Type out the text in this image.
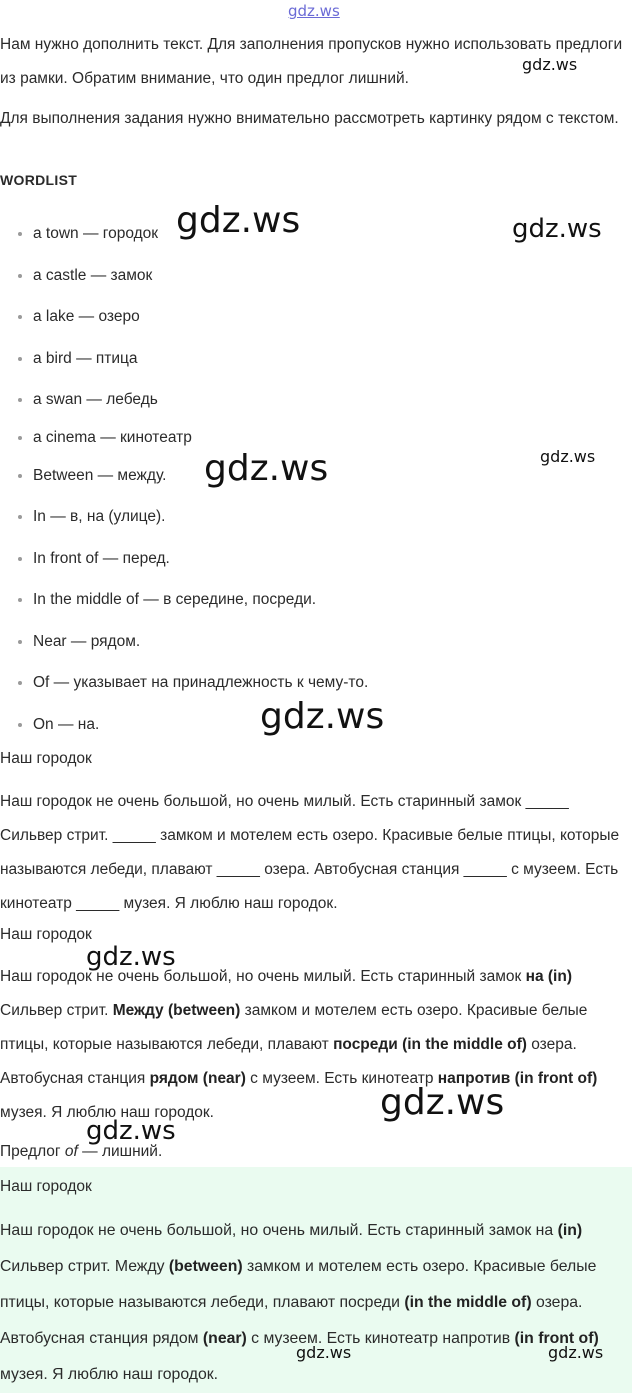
gdz.ws

Нам нужно дополнить текст. Для заполнения пропусков нужно использовать предлоги из рамки. Обратим внимание, что один предлог лишний.

Для выполнения задания нужно внимательно рассмотреть картинку рядом с текстом.

WORDLIST
a town — городок
a castle — замок
a lake — озеро
a bird — птица
a swan — лебедь
a cinema — кинотеатр
Between — между.
In — в, на (улице).
In front of — перед.
In the middle of — в середине, посреди.
Near — рядом.
Of — указывает на принадлежность к чему-то.
On — на.

Наш городок

Наш городок не очень большой, но очень милый. Есть старинный замок _____ Сильвер стрит. _____ замком и мотелем есть озеро. Красивые белые птицы, которые называются лебеди, плавают _____ озера. Автобусная станция _____ с музеем. Есть кинотеатр _____ музея. Я люблю наш городок.

Наш городок

Наш городок не очень большой, но очень милый. Есть старинный замок на (in) Сильвер стрит. Между (between) замком и мотелем есть озеро. Красивые белые птицы, которые называются лебеди, плавают посреди (in the middle of) озера. Автобусная станция рядом (near) с музеем. Есть кинотеатр напротив (in front of) музея. Я люблю наш городок.

Предлог of — лишний.

Наш городок

Наш городок не очень большой, но очень милый. Есть старинный замок на (in) Сильвер стрит. Между (between) замком и мотелем есть озеро. Красивые белые птицы, которые называются лебеди, плавают посреди (in the middle of) озера. Автобусная станция рядом (near) с музеем. Есть кинотеатр напротив (in front of) музея. Я люблю наш городок.

gdz.ws
gdz.ws	gdz.ws
gdz.ws
gdz.ws
gdz.ws
gdz.ws
gdz.ws
gdz.ws
gdz.ws	gdz.ws
